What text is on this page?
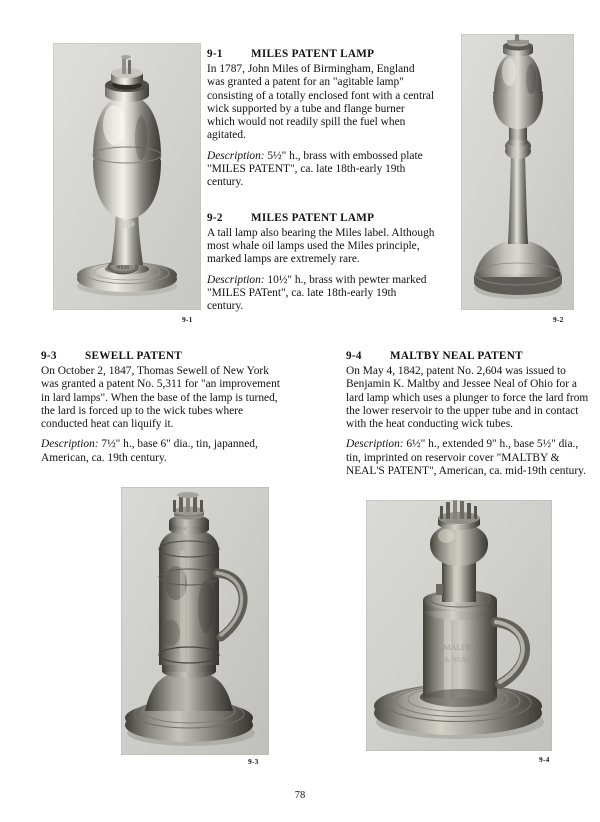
MILES
9-1	9-2
9-3
MALTBY
& NEAL'S
9-4
9-1	MILES PATENT LAMP

In 1787, John Miles of Birmingham, England was granted a patent for an "agitable lamp" consisting of a totally enclosed font with a central wick supported by a tube and flange burner which would not readily spill the fuel when agitated.

Description: 5½" h., brass with embossed plate "MILES PATENT", ca. late 18th-early 19th century.

9-2	MILES PATENT LAMP

A tall lamp also bearing the Miles label. Although most whale oil lamps used the Miles principle, marked lamps are extremely rare.

Description: 10½" h., brass with pewter marked "MILES PATent", ca. late 18th-early 19th century.

9-3	SEWELL PATENT

On October 2, 1847, Thomas Sewell of New York was granted a patent No. 5,311 for "an improvement in lard lamps". When the base of the lamp is turned, the lard is forced up to the wick tubes where conducted heat can liquify it.

Description: 7½" h., base 6" dia., tin, japanned, American, ca. 19th century.

9-4	MALTBY NEAL PATENT

On May 4, 1842, patent No. 2,604 was issued to Benjamin K. Maltby and Jessee Neal of Ohio for a lard lamp which uses a plunger to force the lard from the lower reservoir to the upper tube and in contact with the heat conducting wick tubes.

Description: 6½" h., extended 9" h., base 5½" dia., tin, imprinted on reservoir cover "MALTBY & NEAL'S PATENT", American, ca. mid-19th century.

78
